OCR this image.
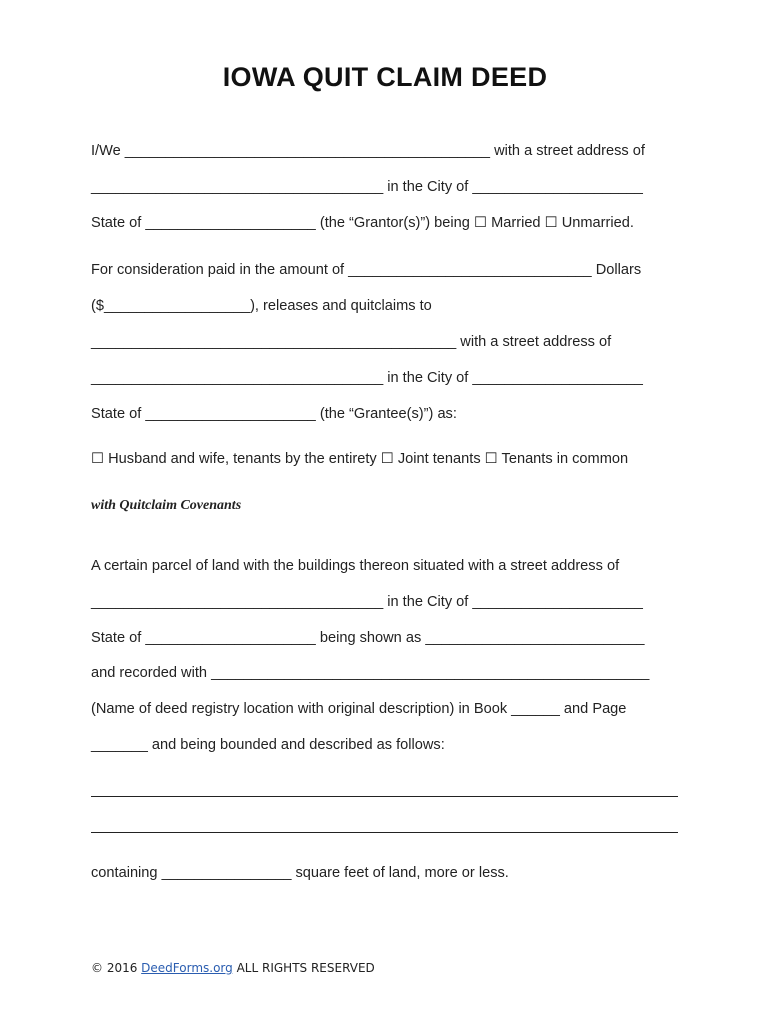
IOWA QUIT CLAIM DEED
I/We _____________________________________________ with a street address of
____________________________________ in the City of _____________________
State of _____________________ (the “Grantor(s)”) being ☐ Married ☐ Unmarried.
For consideration paid in the amount of ______________________________ Dollars
($__________________), releases and quitclaims to
_____________________________________________ with a street address of
____________________________________ in the City of _____________________
State of _____________________ (the “Grantee(s)”) as:
☐ Husband and wife, tenants by the entirety ☐ Joint tenants ☐ Tenants in common
with Quitclaim Covenants
A certain parcel of land with the buildings thereon situated with a street address of
____________________________________ in the City of _____________________
State of _____________________ being shown as ___________________________
and recorded with ______________________________________________________
(Name of deed registry location with original description) in Book ______ and Page
_______ and being bounded and described as follows:
containing ________________ square feet of land, more or less.
© 2016 DeedForms.org ALL RIGHTS RESERVED
